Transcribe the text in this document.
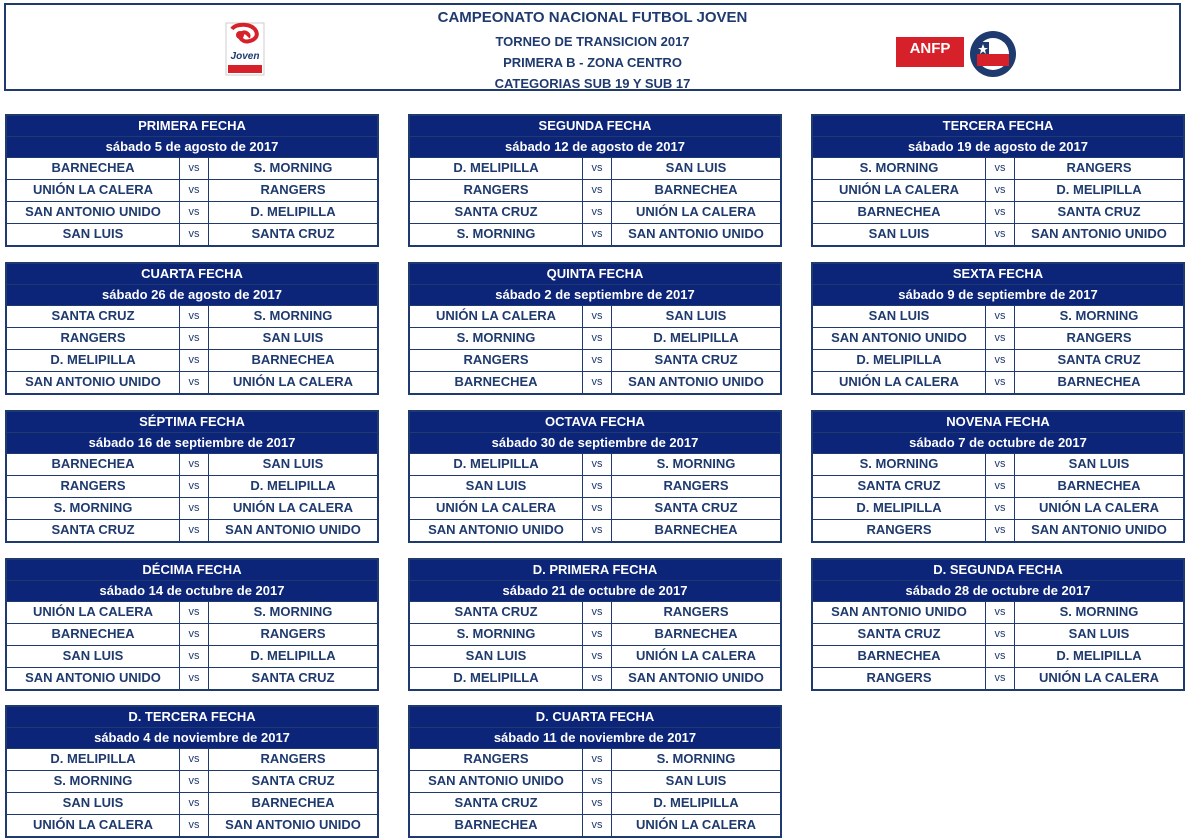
Joven
CAMPEONATO NACIONAL FUTBOL JOVEN
TORNEO DE TRANSICION 2017
PRIMERA B - ZONA CENTRO
CATEGORIAS SUB 19 Y SUB 17
ANFP
PRIMERA FECHA
sábado 5 de agosto de 2017
BARNECHEA	vs	S. MORNING
UNIÓN LA CALERA	vs	RANGERS
SAN ANTONIO UNIDO	vs	D. MELIPILLA
SAN LUIS	vs	SANTA CRUZ
SEGUNDA FECHA
sábado 12 de agosto de 2017
D. MELIPILLA	vs	SAN LUIS
RANGERS	vs	BARNECHEA
SANTA CRUZ	vs	UNIÓN LA CALERA
S. MORNING	vs	SAN ANTONIO UNIDO
TERCERA FECHA
sábado 19 de agosto de 2017
S. MORNING	vs	RANGERS
UNIÓN LA CALERA	vs	D. MELIPILLA
BARNECHEA	vs	SANTA CRUZ
SAN LUIS	vs	SAN ANTONIO UNIDO
CUARTA FECHA
sábado 26 de agosto de 2017
SANTA CRUZ	vs	S. MORNING
RANGERS	vs	SAN LUIS
D. MELIPILLA	vs	BARNECHEA
SAN ANTONIO UNIDO	vs	UNIÓN LA CALERA
QUINTA FECHA
sábado 2 de septiembre de 2017
UNIÓN LA CALERA	vs	SAN LUIS
S. MORNING	vs	D. MELIPILLA
RANGERS	vs	SANTA CRUZ
BARNECHEA	vs	SAN ANTONIO UNIDO
SEXTA FECHA
sábado 9 de septiembre de 2017
SAN LUIS	vs	S. MORNING
SAN ANTONIO UNIDO	vs	RANGERS
D. MELIPILLA	vs	SANTA CRUZ
UNIÓN LA CALERA	vs	BARNECHEA
SÉPTIMA FECHA
sábado 16 de septiembre de 2017
BARNECHEA	vs	SAN LUIS
RANGERS	vs	D. MELIPILLA
S. MORNING	vs	UNIÓN LA CALERA
SANTA CRUZ	vs	SAN ANTONIO UNIDO
OCTAVA FECHA
sábado 30 de septiembre de 2017
D. MELIPILLA	vs	S. MORNING
SAN LUIS	vs	RANGERS
UNIÓN LA CALERA	vs	SANTA CRUZ
SAN ANTONIO UNIDO	vs	BARNECHEA
NOVENA FECHA
sábado 7 de octubre de 2017
S. MORNING	vs	SAN LUIS
SANTA CRUZ	vs	BARNECHEA
D. MELIPILLA	vs	UNIÓN LA CALERA
RANGERS	vs	SAN ANTONIO UNIDO
DÉCIMA FECHA
sábado 14 de octubre de 2017
UNIÓN LA CALERA	vs	S. MORNING
BARNECHEA	vs	RANGERS
SAN LUIS	vs	D. MELIPILLA
SAN ANTONIO UNIDO	vs	SANTA CRUZ
D. PRIMERA FECHA
sábado 21 de octubre de 2017
SANTA CRUZ	vs	RANGERS
S. MORNING	vs	BARNECHEA
SAN LUIS	vs	UNIÓN LA CALERA
D. MELIPILLA	vs	SAN ANTONIO UNIDO
D. SEGUNDA FECHA
sábado 28 de octubre de 2017
SAN ANTONIO UNIDO	vs	S. MORNING
SANTA CRUZ	vs	SAN LUIS
BARNECHEA	vs	D. MELIPILLA
RANGERS	vs	UNIÓN LA CALERA
D. TERCERA FECHA
sábado 4 de noviembre de 2017
D. MELIPILLA	vs	RANGERS
S. MORNING	vs	SANTA CRUZ
SAN LUIS	vs	BARNECHEA
UNIÓN LA CALERA	vs	SAN ANTONIO UNIDO
D. CUARTA FECHA
sábado 11 de noviembre de 2017
RANGERS	vs	S. MORNING
SAN ANTONIO UNIDO	vs	SAN LUIS
SANTA CRUZ	vs	D. MELIPILLA
BARNECHEA	vs	UNIÓN LA CALERA
